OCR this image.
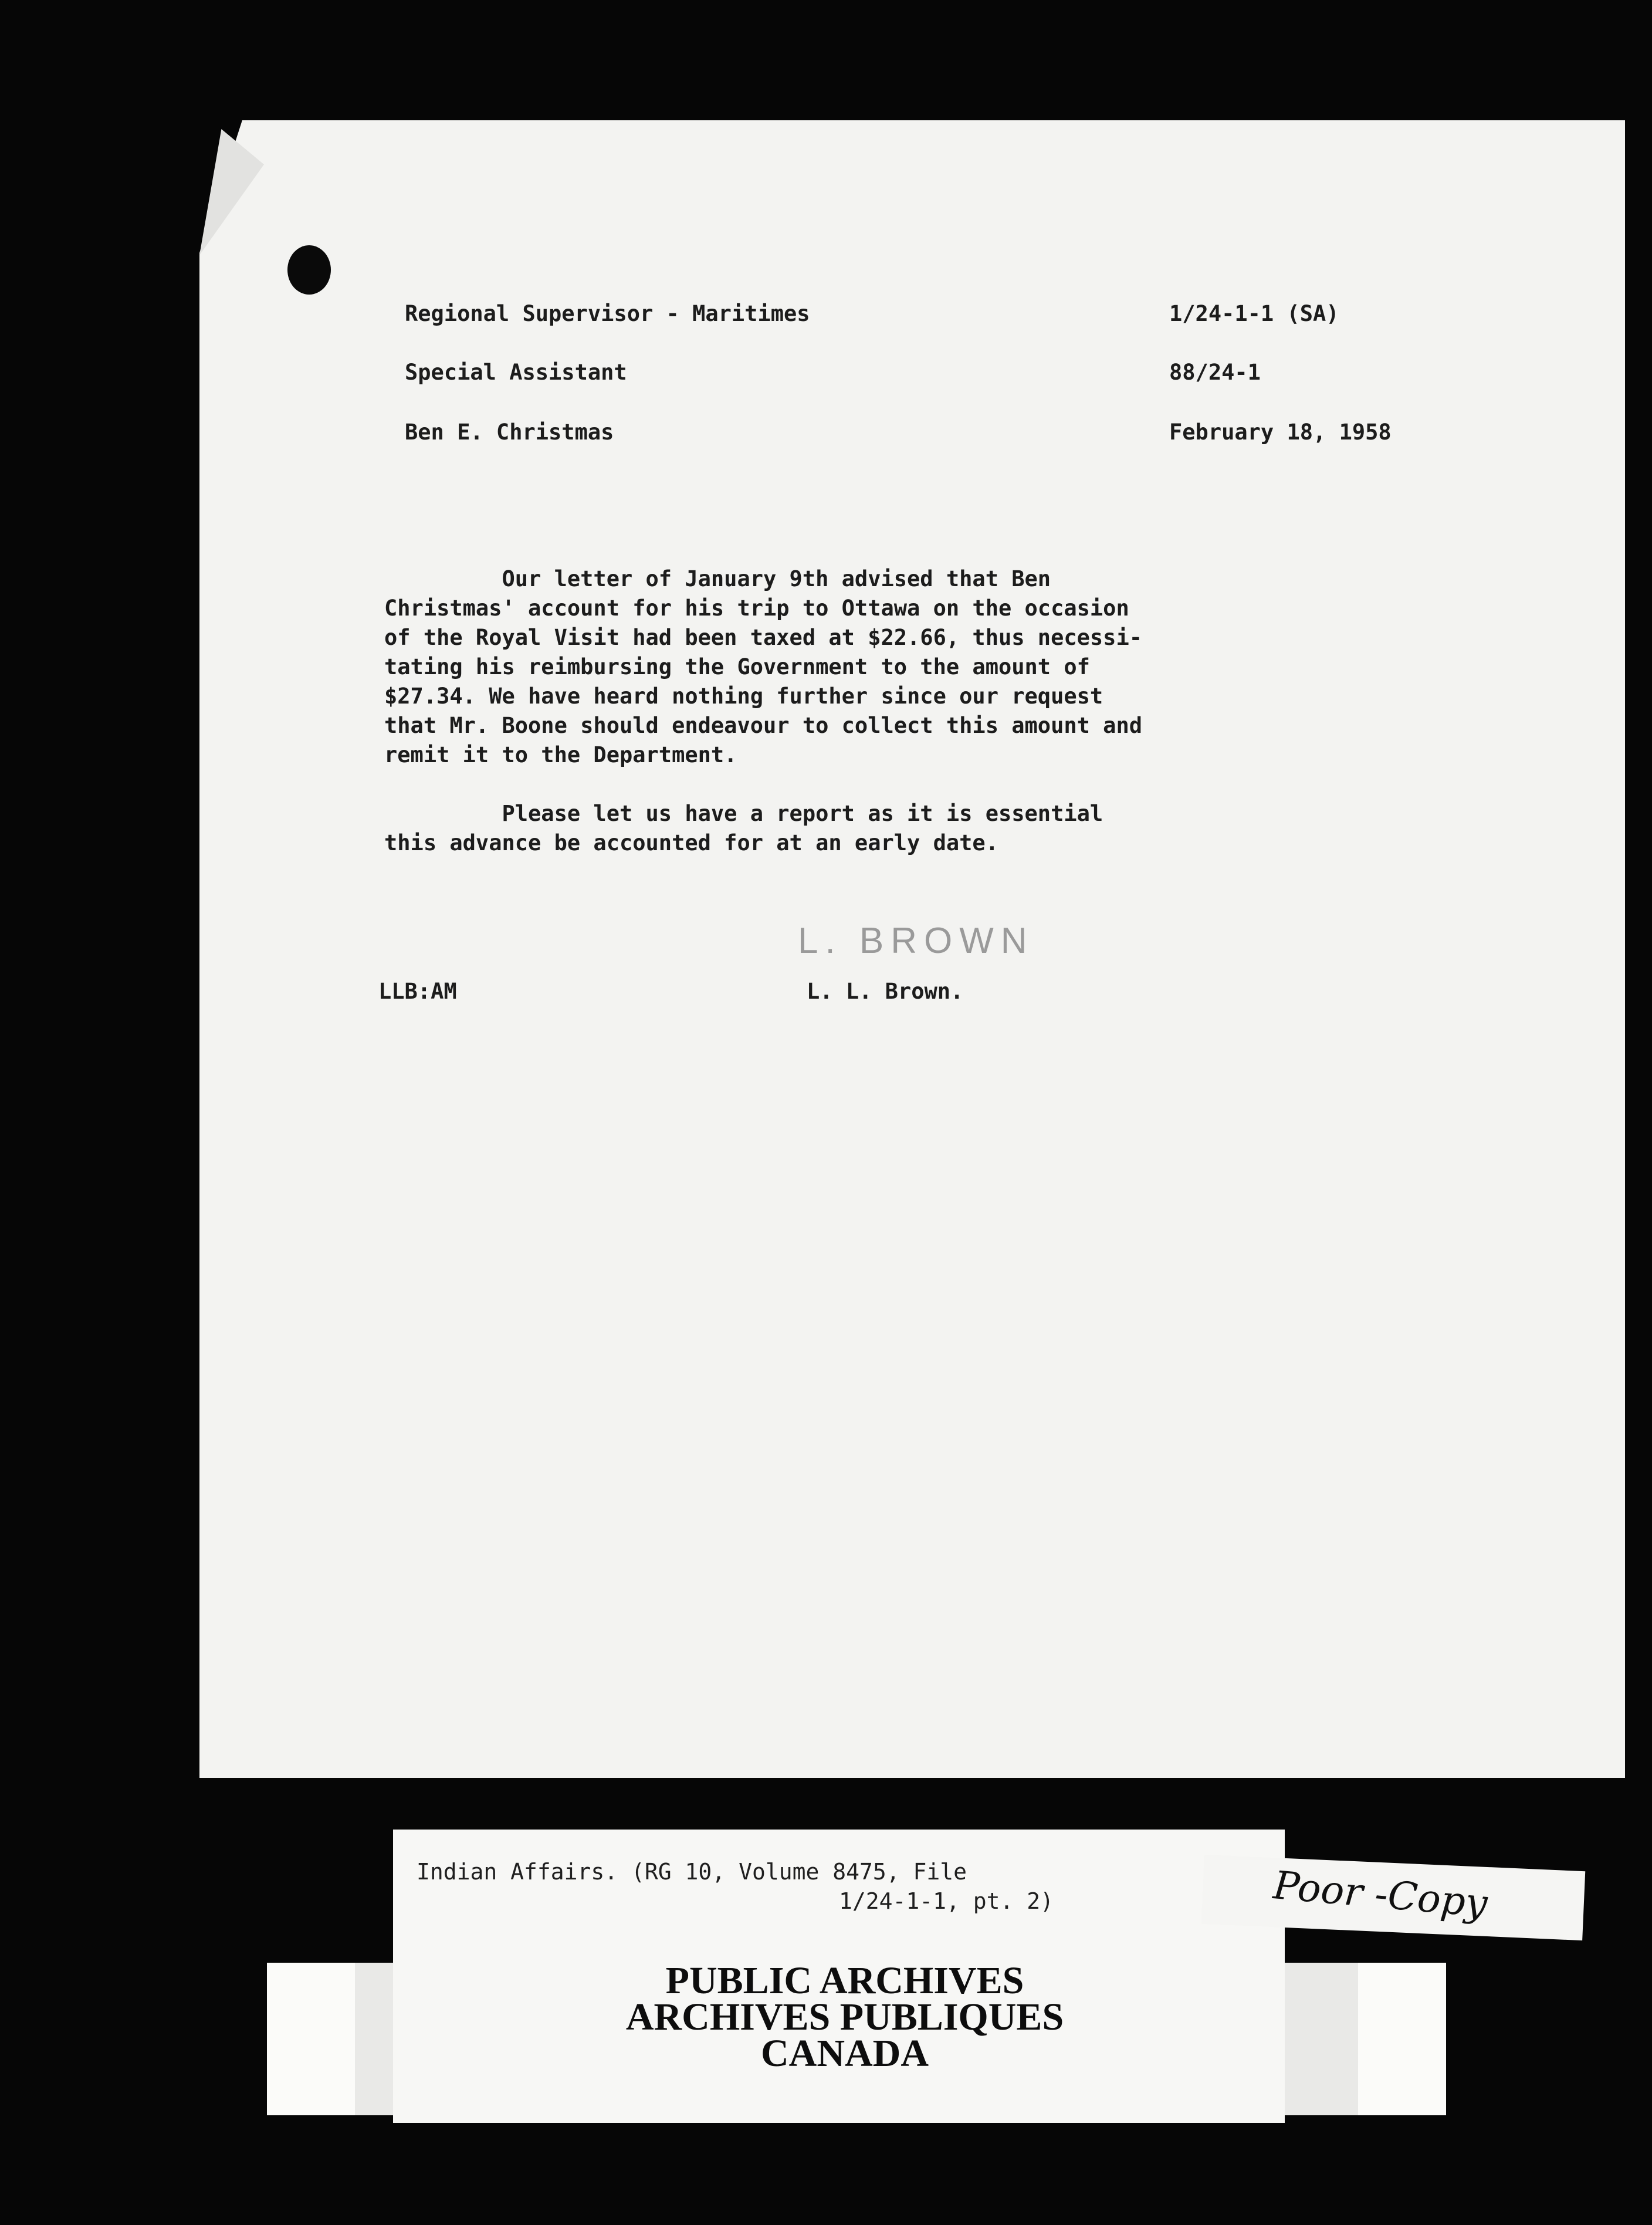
Regional Supervisor - Maritimes
Special Assistant
Ben E. Christmas
1/24-1-1 (SA)
88/24-1
February 18, 1958
Our letter of January 9th advised that Ben
Christmas' account for his trip to Ottawa on the occasion
of the Royal Visit had been taxed at $22.66, thus necessi-
tating his reimbursing the Government to the amount of
$27.34. We have heard nothing further since our request
that Mr. Boone should endeavour to collect this amount and
remit it to the Department.
Please let us have a report as it is essential
this advance be accounted for at an early date.
L. BROWN
L. L. Brown.
LLB:AM
Indian Affairs. (RG 10, Volume 8475, File
1/24-1-1, pt. 2)
PUBLIC ARCHIVES
ARCHIVES PUBLIQUES
CANADA
Poor -Copy
